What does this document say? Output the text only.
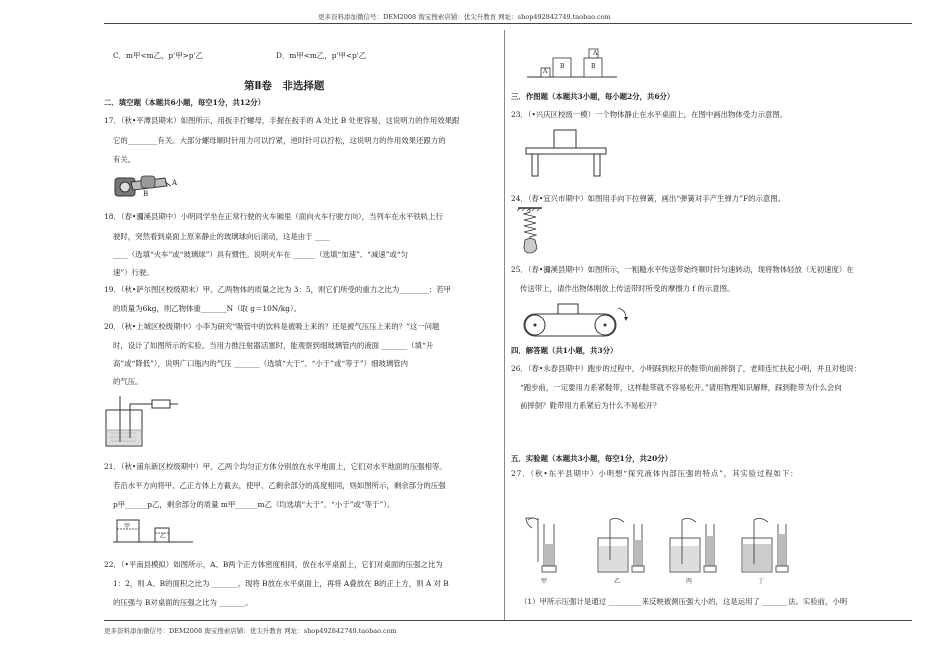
更多资料添加微信号：DEM2008 淘宝搜索店铺：优尖升教育 网址：shop492842749.taobao.com
C．m甲<m乙，p'甲>p'乙	D．m甲<m乙，p'甲<p'乙
第Ⅱ卷　非选择题
二．填空题（本题共6小题，每空1分，共12分）
17．（秋•平潭县期末）如图所示，用扳手拧螺母，手握在扳手的 A 处比 B 处更容易，这说明力的作用效果跟
它的________有关。大部分螺母顺时针用力可以拧紧，逆时针可以拧松，这说明力的作用效果还跟力的
有关。
A
B
18．（春•瀰溪县期中）小明同学坐在正常行驶的火车厢里（面向火车行驶方向），当列车在水平铁轨上行
驶时，突然看到桌面上原来静止的玻璃球向后滚动，这是由于 ____
____（选填“火车”或“玻璃球”）具有惯性。说明火车在 ______（选填“加速”、“减速”或“匀
速”）行驶。
19．（秋•萨尔图区校级期末）甲、乙两物体的质量之比为 3：5，则它们所受的重力之比为________；若甲
的质量为6kg，则乙物体重_______N（取 g＝10N/kg）。
20．（秋•上城区校级期中）小李为研究“吸管中的饮料是被吸上来的？还是被气压压上来的？”这一问题
时，设计了如图所示的实验。当用力推注射器活塞时，能观察到细玻璃管内的液面 _______（填“升
高”或“降低”），说明广口瓶内的气压 _______（选填“大于”、“小于”或“等于”）细玻璃管内
的气压。
21．（秋•浦东新区校级期中）甲、乙两个均匀正方体分别放在水平地面上，它们对水平地面的压强相等。
若沿水平方向将甲、乙正方体上方截去，使甲、乙剩余部分的高度相同，则如图所示，剩余部分的压强
p甲______p乙，剩余部分的质量 m甲______m乙（均选填“大于”、“小于”或“等于”）。
甲
乙
22．（•平南县模拟）如图所示，A、B两个正方体密度相同，放在水平桌面上，它们对桌面的压强之比为
1：2，则 A、B的面积之比为 _______。现将 B放在水平桌面上，再将 A叠放在 B的正上方，则 A 对 B
的压强与 B对桌面的压强之比为 _______。
A
B	B
A
三．作图题（本题共3小题，每小题2分，共6分）
23．（•兴庆区校级一模）一个物体静止在水平桌面上，在图中画出物体受力示意图。
24．（春•宜兴市期中）如图用手向下拉弹簧，画出“弹簧对手产生弹力”F的示意图。
25．（春•瀰溪县期中）如图所示，一粗糙水平传送带始终顺时针匀速转动，现将物体轻放（无初速度）在
传送带上，请作出物体刚放上传送带时所受的摩擦力 f 的示意图。
四．解答题（共1小题，共3分）
26．（春•永春县期中）跑步的过程中，小明踩到松开的鞋带向前摔倒了，老师连忙扶起小明，并且对他说：
“跑步前，一定要用力系紧鞋带，这样鞋带就不容易松开。”请用物理知识解释，踩到鞋带为什么会向
前摔倒？鞋带用力系紧后为什么不易松开？
五．实验题（本题共3小题，每空1分，共20分）
27．（秋•东平县期中）小明想“探究液体内部压强的特点”，其实验过程如下：
甲	乙	丙	丁
（1）甲所示压强计是通过 _________来反映被测压强大小的，这是运用了 _______法。实验前，小明
更多资料添加微信号：DEM2008 淘宝搜索店铺：优尖升教育 网址：shop492842749.taobao.com
